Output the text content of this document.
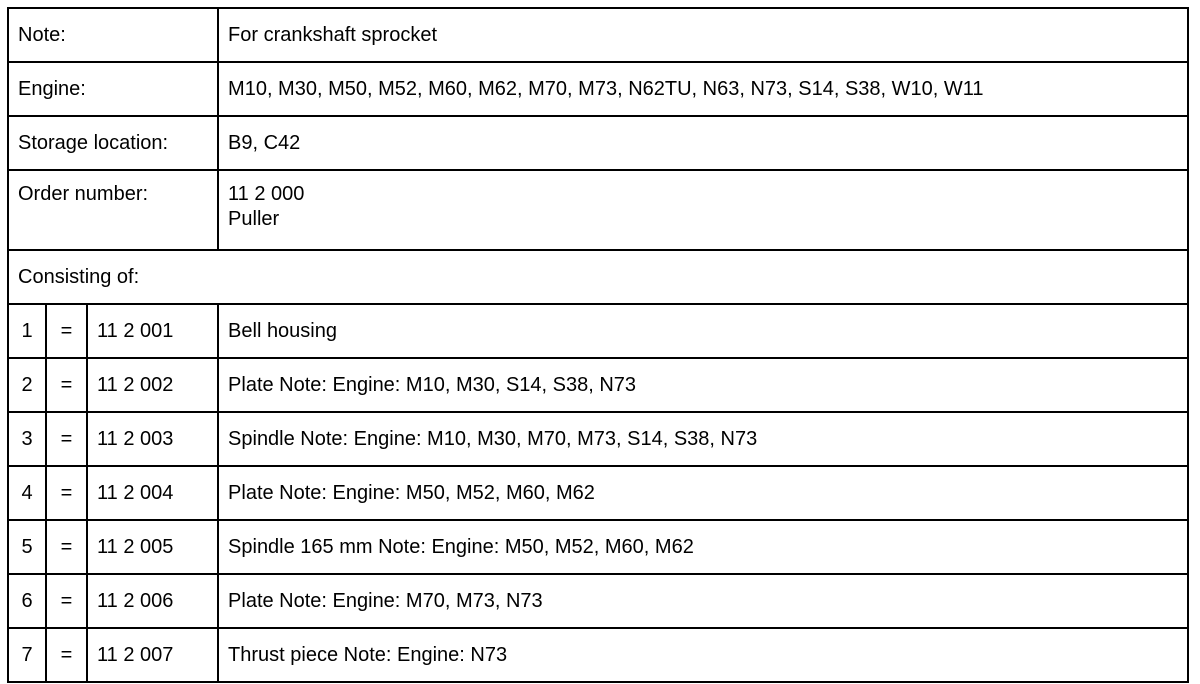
Note:			For crankshaft sprocket
Engine:			M10, M30, M50, M52, M60, M62, M70, M73, N62TU, N63, N73, S14, S38, W10, W11
Storage location:			B9, C42
Order number:			11 2 000
Puller

Consisting of:			
1	=	11 2 001	Bell housing
2	=	11 2 002	Plate Note: Engine: M10, M30, S14, S38, N73
3	=	11 2 003	Spindle Note: Engine: M10, M30, M70, M73, S14, S38, N73
4	=	11 2 004	Plate Note: Engine: M50, M52, M60, M62
5	=	11 2 005	Spindle 165 mm Note: Engine: M50, M52, M60, M62
6	=	11 2 006	Plate Note: Engine: M70, M73, N73
7	=	11 2 007	Thrust piece Note: Engine: N73
